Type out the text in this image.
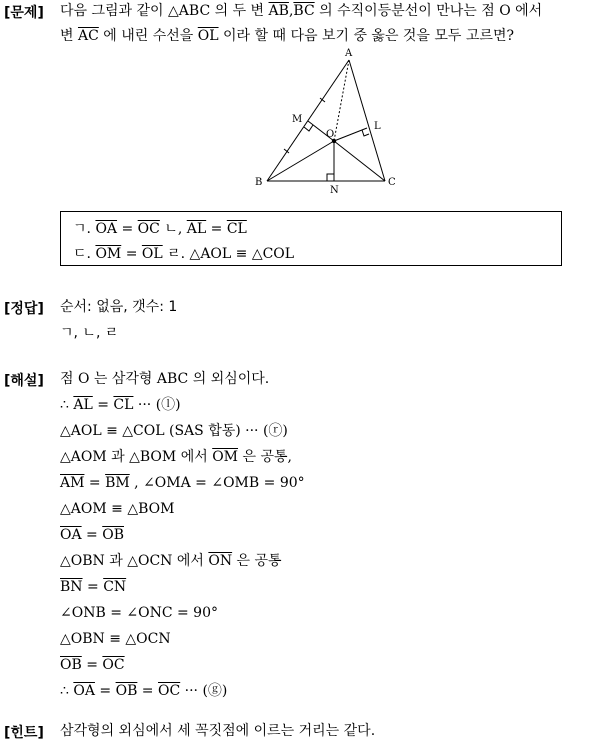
[문제] 다음 그림과 같이 △ABC 의 두 변 $\overline{AB},\overline{BC}$ 의 수직이등분선이 만나는 점 O 에서
변 $\overline{AC}$ 에 내린 수선을 $\overline{OL}$ 이라 할 때 다음 보기 중 옳은 것을 모두 고르면?
A
B	C
M
L
N
O
ㄱ. $\overline{OA} = \overline{OC}$ ㄴ, $\overline{AL} = \overline{CL}$
ㄷ. $\overline{OM} = \overline{OL}$ ㄹ. △AOL ≡ △COL
[정답] 순서: 없음, 갯수: 1
ㄱ, ㄴ, ㄹ
[해설] 점 O 는 삼각형 ABC 의 외심이다.
∴ $\overline{AL} = \overline{CL}$ ··· (ⓛ)
△AOL ≡ △COL (SAS 합동) ··· (ⓡ)
△AOM 과 △BOM 에서 $\overline{OM}$ 은 공통,
$\overline{AM} = \overline{BM}$ , ∠OMA = ∠OMB = 90°
△AOM ≡ △BOM
$\overline{OA} = \overline{OB}$
△OBN 과 △OCN 에서 $\overline{ON}$ 은 공통
$\overline{BN} = \overline{CN}$
∠ONB = ∠ONC = 90°
△OBN ≡ △OCN
$\overline{OB} = \overline{OC}$
∴ $\overline{OA} = \overline{OB} = \overline{OC}$ ··· (ⓖ)
[힌트] 삼각형의 외심에서 세 꼭짓점에 이르는 거리는 같다.
